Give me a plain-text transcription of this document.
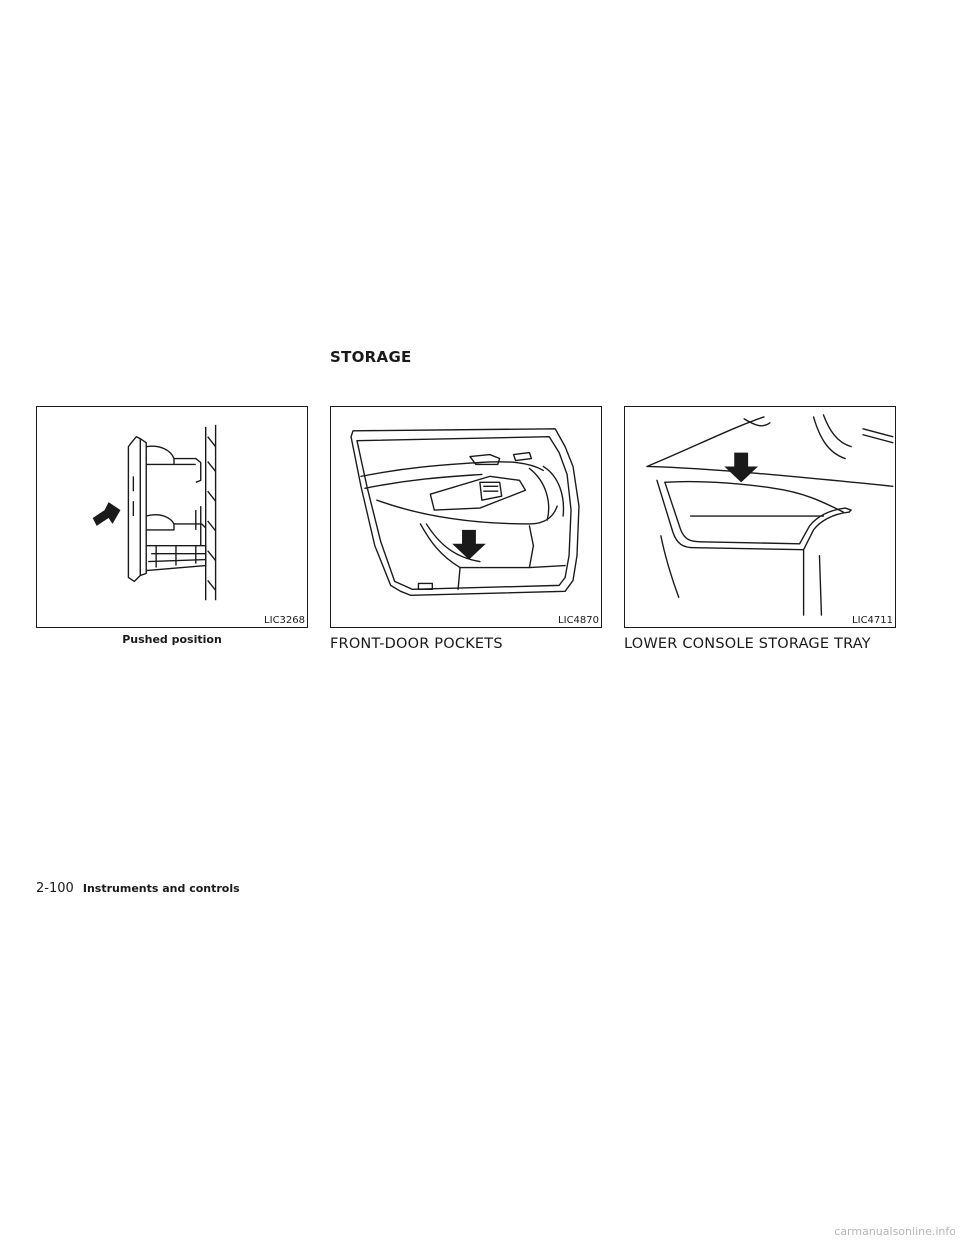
STORAGE
LIC3268
Pushed position
LIC4870
FRONT-DOOR POCKETS
LIC4711
LOWER CONSOLE STORAGE TRAY
2-100 Instruments and controls
carmanualsonline.info
